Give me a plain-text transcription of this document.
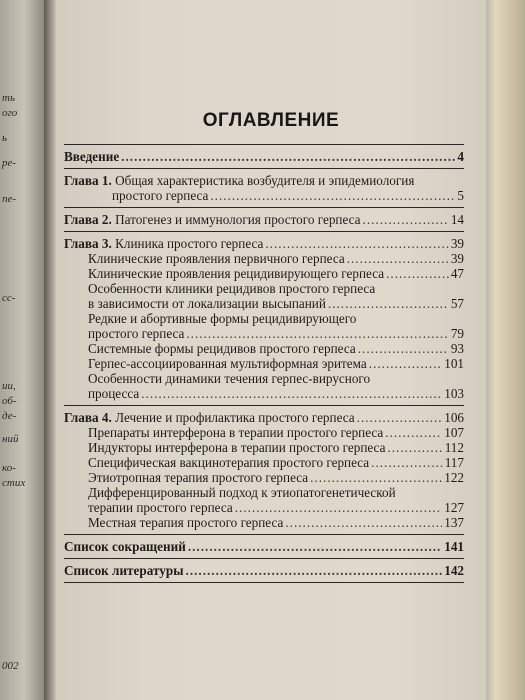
ть
ого
ь
ре-
пе-
сс-
ии,
об-
де-
ний
ко-
стих
002
ОГЛАВЛЕНИЕ
Введение .....	4
Глава 1. Общая характеристика возбудителя и эпидемиология
простого герпеса .....	5
Глава 2. Патогенез и иммунология простого герпеса .....	14
Глава 3. Клиника простого герпеса .....	39
Клинические проявления первичного герпеса .....	39
Клинические проявления рецидивирующего герпеса .....	47
Особенности клиники рецидивов простого герпеса
в зависимости от локализации высыпаний .....	57
Редкие и абортивные формы рецидивирующего
простого герпеса .....	79
Системные формы рецидивов простого герпеса .....	93
Герпес-ассоциированная мультиформная эритема .....	101
Особенности динамики течения герпес-вирусного
процесса .....	103
Глава 4. Лечение и профилактика простого герпеса .....	106
Препараты интерферона в терапии простого герпеса .....	107
Индукторы интерферона в терапии простого герпеса .....	112
Специфическая вакцинотерапия простого герпеса .....	117
Этиотропная терапия простого герпеса .....	122
Дифференцированный подход к этиопатогенетической
терапии простого герпеса .....	127
Местная терапия простого герпеса .....	137
Список сокращений .....	141
Список литературы .....	142
